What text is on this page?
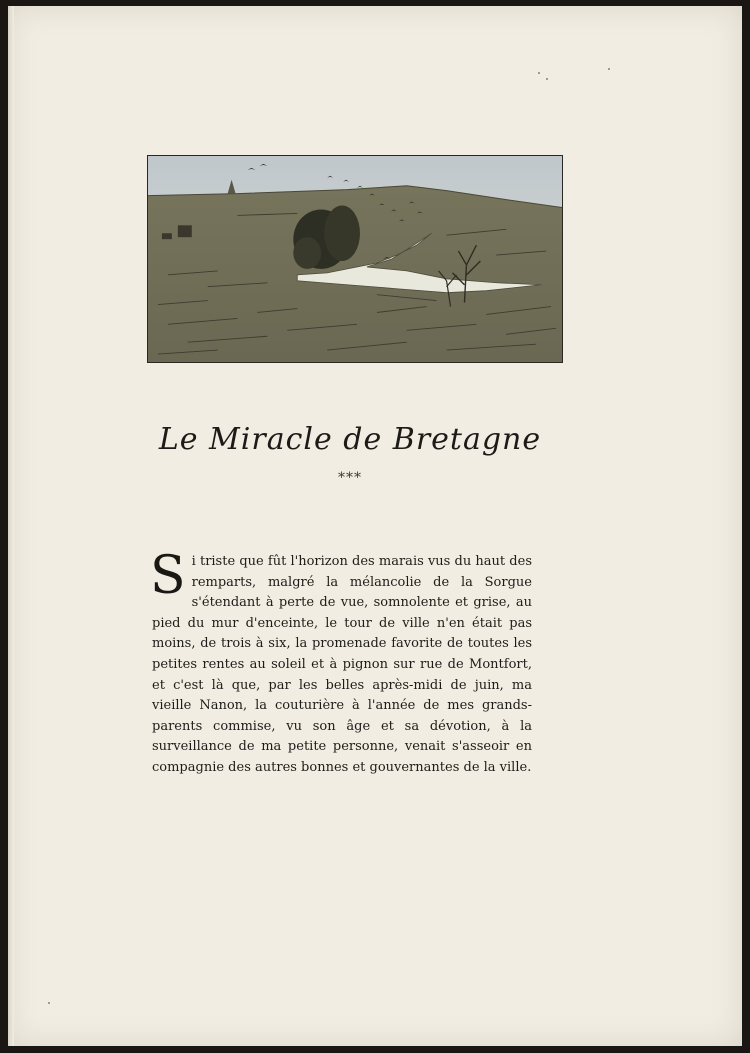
Le Miracle de Bretagne
***

Si triste que fût l'horizon des marais vus du haut des remparts, malgré la mélancolie de la Sorgue s'étendant à perte de vue, somnolente et grise, au pied du mur d'enceinte, le tour de ville n'en était pas moins, de trois à six, la promenade favorite de toutes les petites rentes au soleil et à pignon sur rue de Montfort, et c'est là que, par les belles après-midi de juin, ma vieille Nanon, la couturière à l'année de mes grands-parents commise, vu son âge et sa dévotion, à la surveillance de ma petite personne, venait s'asseoir en compagnie des autres bonnes et gouvernantes de la ville.
